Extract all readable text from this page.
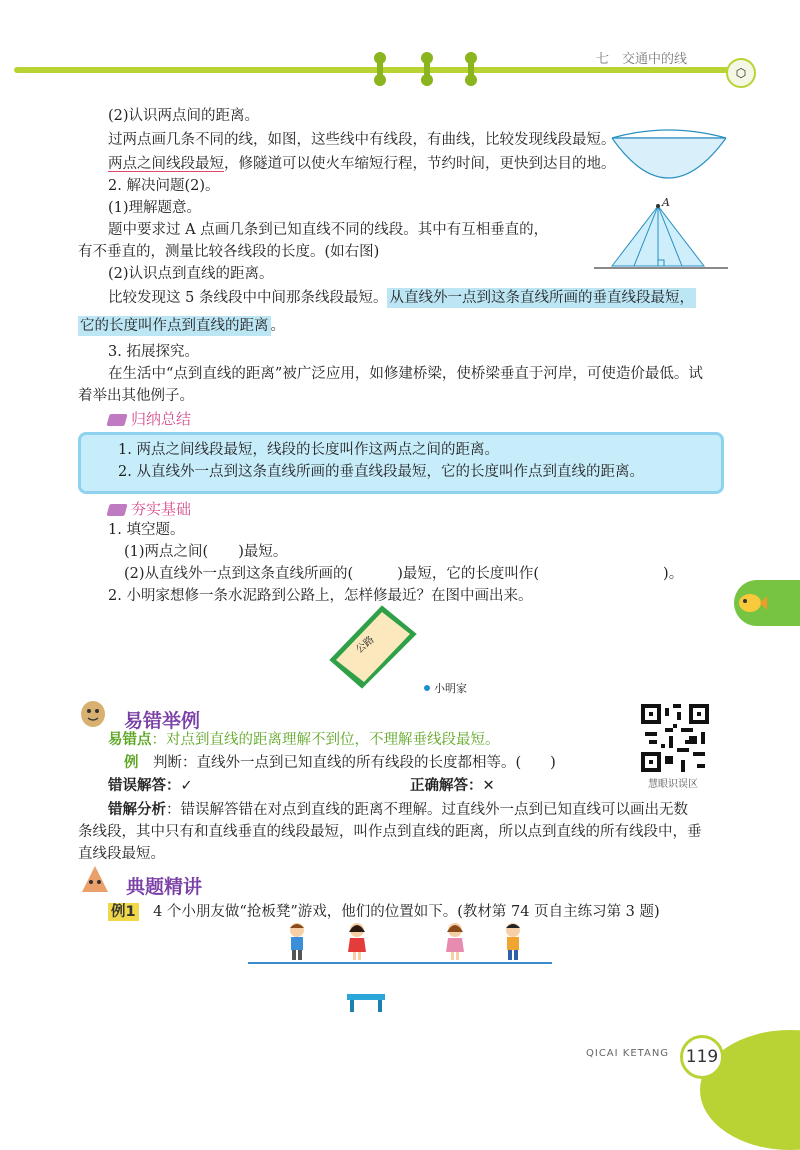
七　交通中的线
⬡
(2)认识两点间的距离。
过两点画几条不同的线，如图，这些线中有线段，有曲线，比较发现线段最短。
两点之间线段最短，修隧道可以使火车缩短行程，节约时间，更快到达目的地。
2. 解决问题(2)。
(1)理解题意。
题中要求过 A 点画几条到已知直线不同的线段。其中有互相垂直的，
有不垂直的，测量比较各线段的长度。(如右图)
(2)认识点到直线的距离。
比较发现这 5 条线段中中间那条线段最短。 从直线外一点到这条直线所画的垂直线段最短，
它的长度叫作点到直线的距离 。
3. 拓展探究。
在生活中“点到直线的距离”被广泛应用，如修建桥梁，使桥梁垂直于河岸，可使造价最低。试
着举出其他例子。
A
归纳总结
1. 两点之间线段最短，线段的长度叫作这两点之间的距离。
2. 从直线外一点到这条直线所画的垂直线段最短，它的长度叫作点到直线的距离。
夯实基础
1. 填空题。
(1)两点之间( )最短。
(2)从直线外一点到这条直线所画的(	)最短，它的长度叫作(	)。
2. 小明家想修一条水泥路到公路上，怎样修最近？在图中画出来。
公路
小明家
易错举例
易错点：对点到直线的距离理解不到位，不理解垂线段最短。
例　 判断：直线外一点到已知直线的所有线段的长度都相等。(　　)
错误解答：✓	正确解答：✕
错解分析：错误解答错在对点到直线的距离不理解。过直线外一点到已知直线可以画出无数
条线段，其中只有和直线垂直的线段最短，叫作点到直线的距离，所以点到直线的所有线段中，垂
直线段最短。
慧眼识误区
典题精讲
例1　 4 个小朋友做“抢板凳”游戏，他们的位置如下。(教材第 74 页自主练习第 3 题)
QICAI KETANG 119
